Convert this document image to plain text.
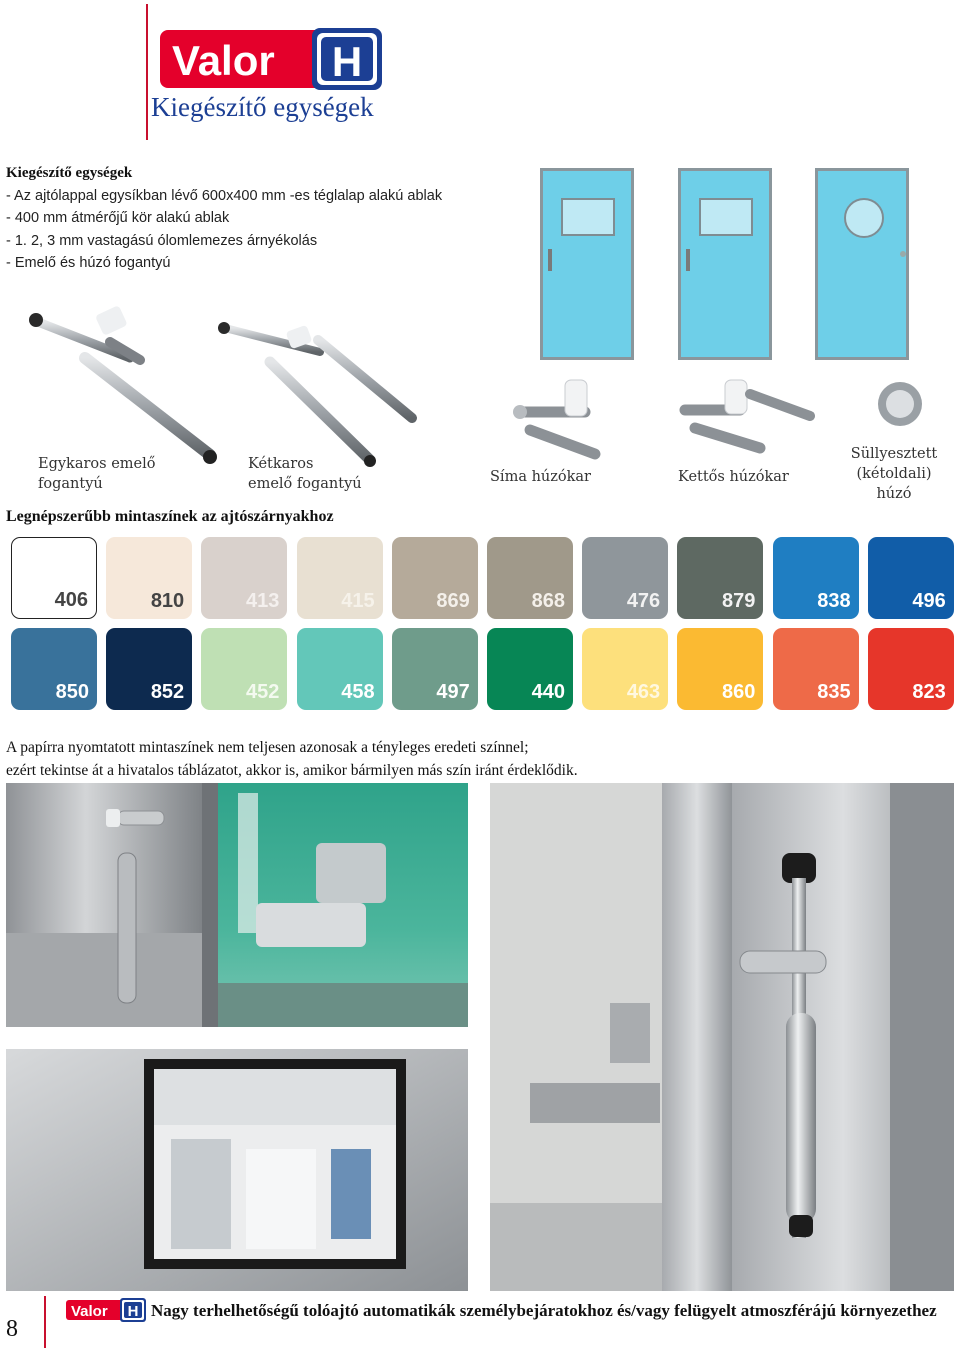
Valor H
Kiegészítő egységek
Kiegészítő egységek
- Az ajtólappal egysíkban lévő 600x400 mm -es téglalap alakú ablak
- 400 mm átmérőjű kör alakú ablak
- 1. 2, 3 mm vastagású ólomlemezes árnyékolás
- Emelő és húzó fogantyú
Egykaros emelő
fogantyú
Kétkaros
emelő fogantyú	Síma húzókar	Kettős húzókar
Süllyesztett
(kétoldali)
húzó
Legnépszerűbb mintaszínek az ajtószárnyakhoz
406	810	413	415	869	868	476	879	838	496
850	852	452	458	497	440	463	860	835	823
A papírra nyomtatott mintaszínek nem teljesen azonosak a tényleges eredeti színnel;
ezért tekintse át a hivatalos táblázatot, akkor is, amikor bármilyen más szín iránt érdeklődik.
8
Valor H Nagy terhelhetőségű tolóajtó automatikák személybejáratokhoz és/vagy felügyelt atmoszférájú környezethez
